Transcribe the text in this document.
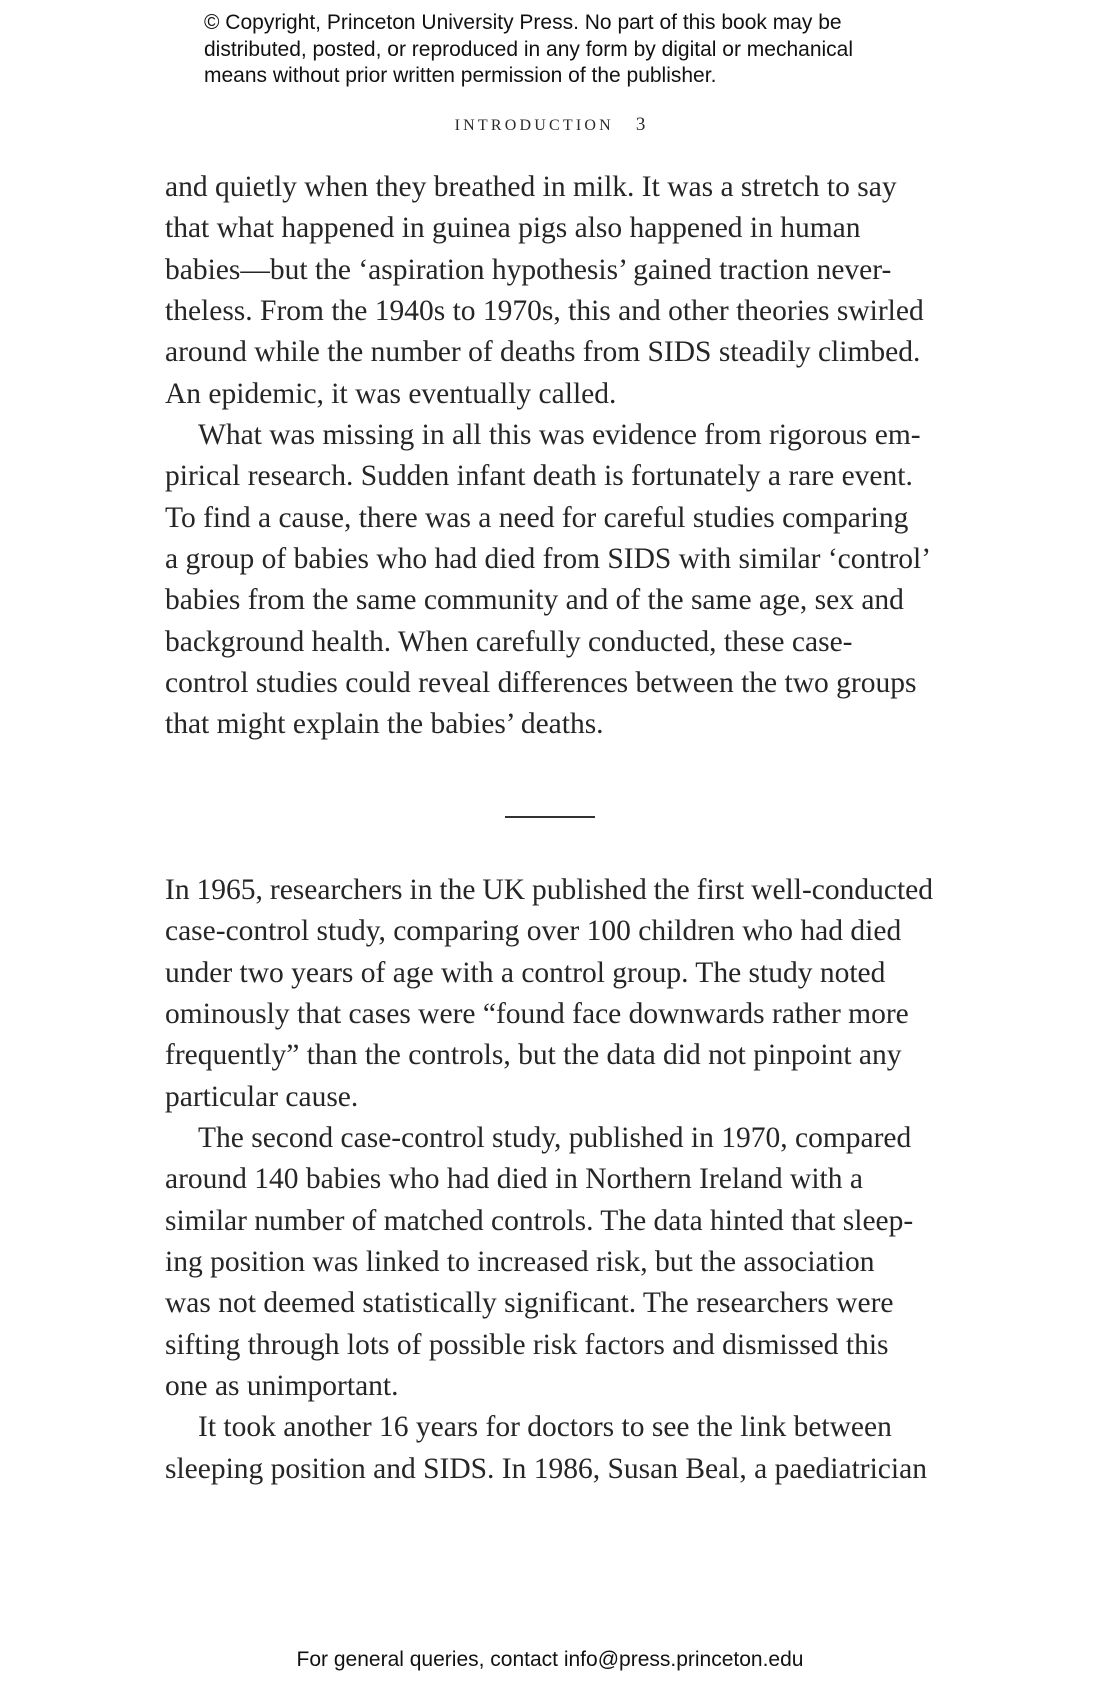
© Copyright, Princeton University Press. No part of this book may be
distributed, posted, or reproduced in any form by digital or mechanical
means without prior written permission of the publisher.
INTRODUCTION 3
and quietly when they breathed in milk. It was a stretch to say
that what happened in guinea pigs also happened in human
babies—but the ‘aspiration hypothesis’ gained traction never-
theless. From the 1940s to 1970s, this and other theories swirled
around while the number of deaths from SIDS steadily climbed.
An epidemic, it was eventually called.
What was missing in all this was evidence from rigorous em-
pirical research. Sudden infant death is fortunately a rare event.
To find a cause, there was a need for careful studies comparing
a group of babies who had died from SIDS with similar ‘control’
babies from the same community and of the same age, sex and
background health. When carefully conducted, these case-
control studies could reveal differences between the two groups
that might explain the babies’ deaths.
In 1965, researchers in the UK published the first well-conducted
case-control study, comparing over 100 children who had died
under two years of age with a control group. The study noted
ominously that cases were “found face downwards rather more
frequently” than the controls, but the data did not pinpoint any
particular cause.
The second case-control study, published in 1970, compared
around 140 babies who had died in Northern Ireland with a
similar number of matched controls. The data hinted that sleep-
ing position was linked to increased risk, but the association
was not deemed statistically significant. The researchers were
sifting through lots of possible risk factors and dismissed this
one as unimportant.
It took another 16 years for doctors to see the link between
sleeping position and SIDS. In 1986, Susan Beal, a paediatrician
For general queries, contact info@press.princeton.edu
